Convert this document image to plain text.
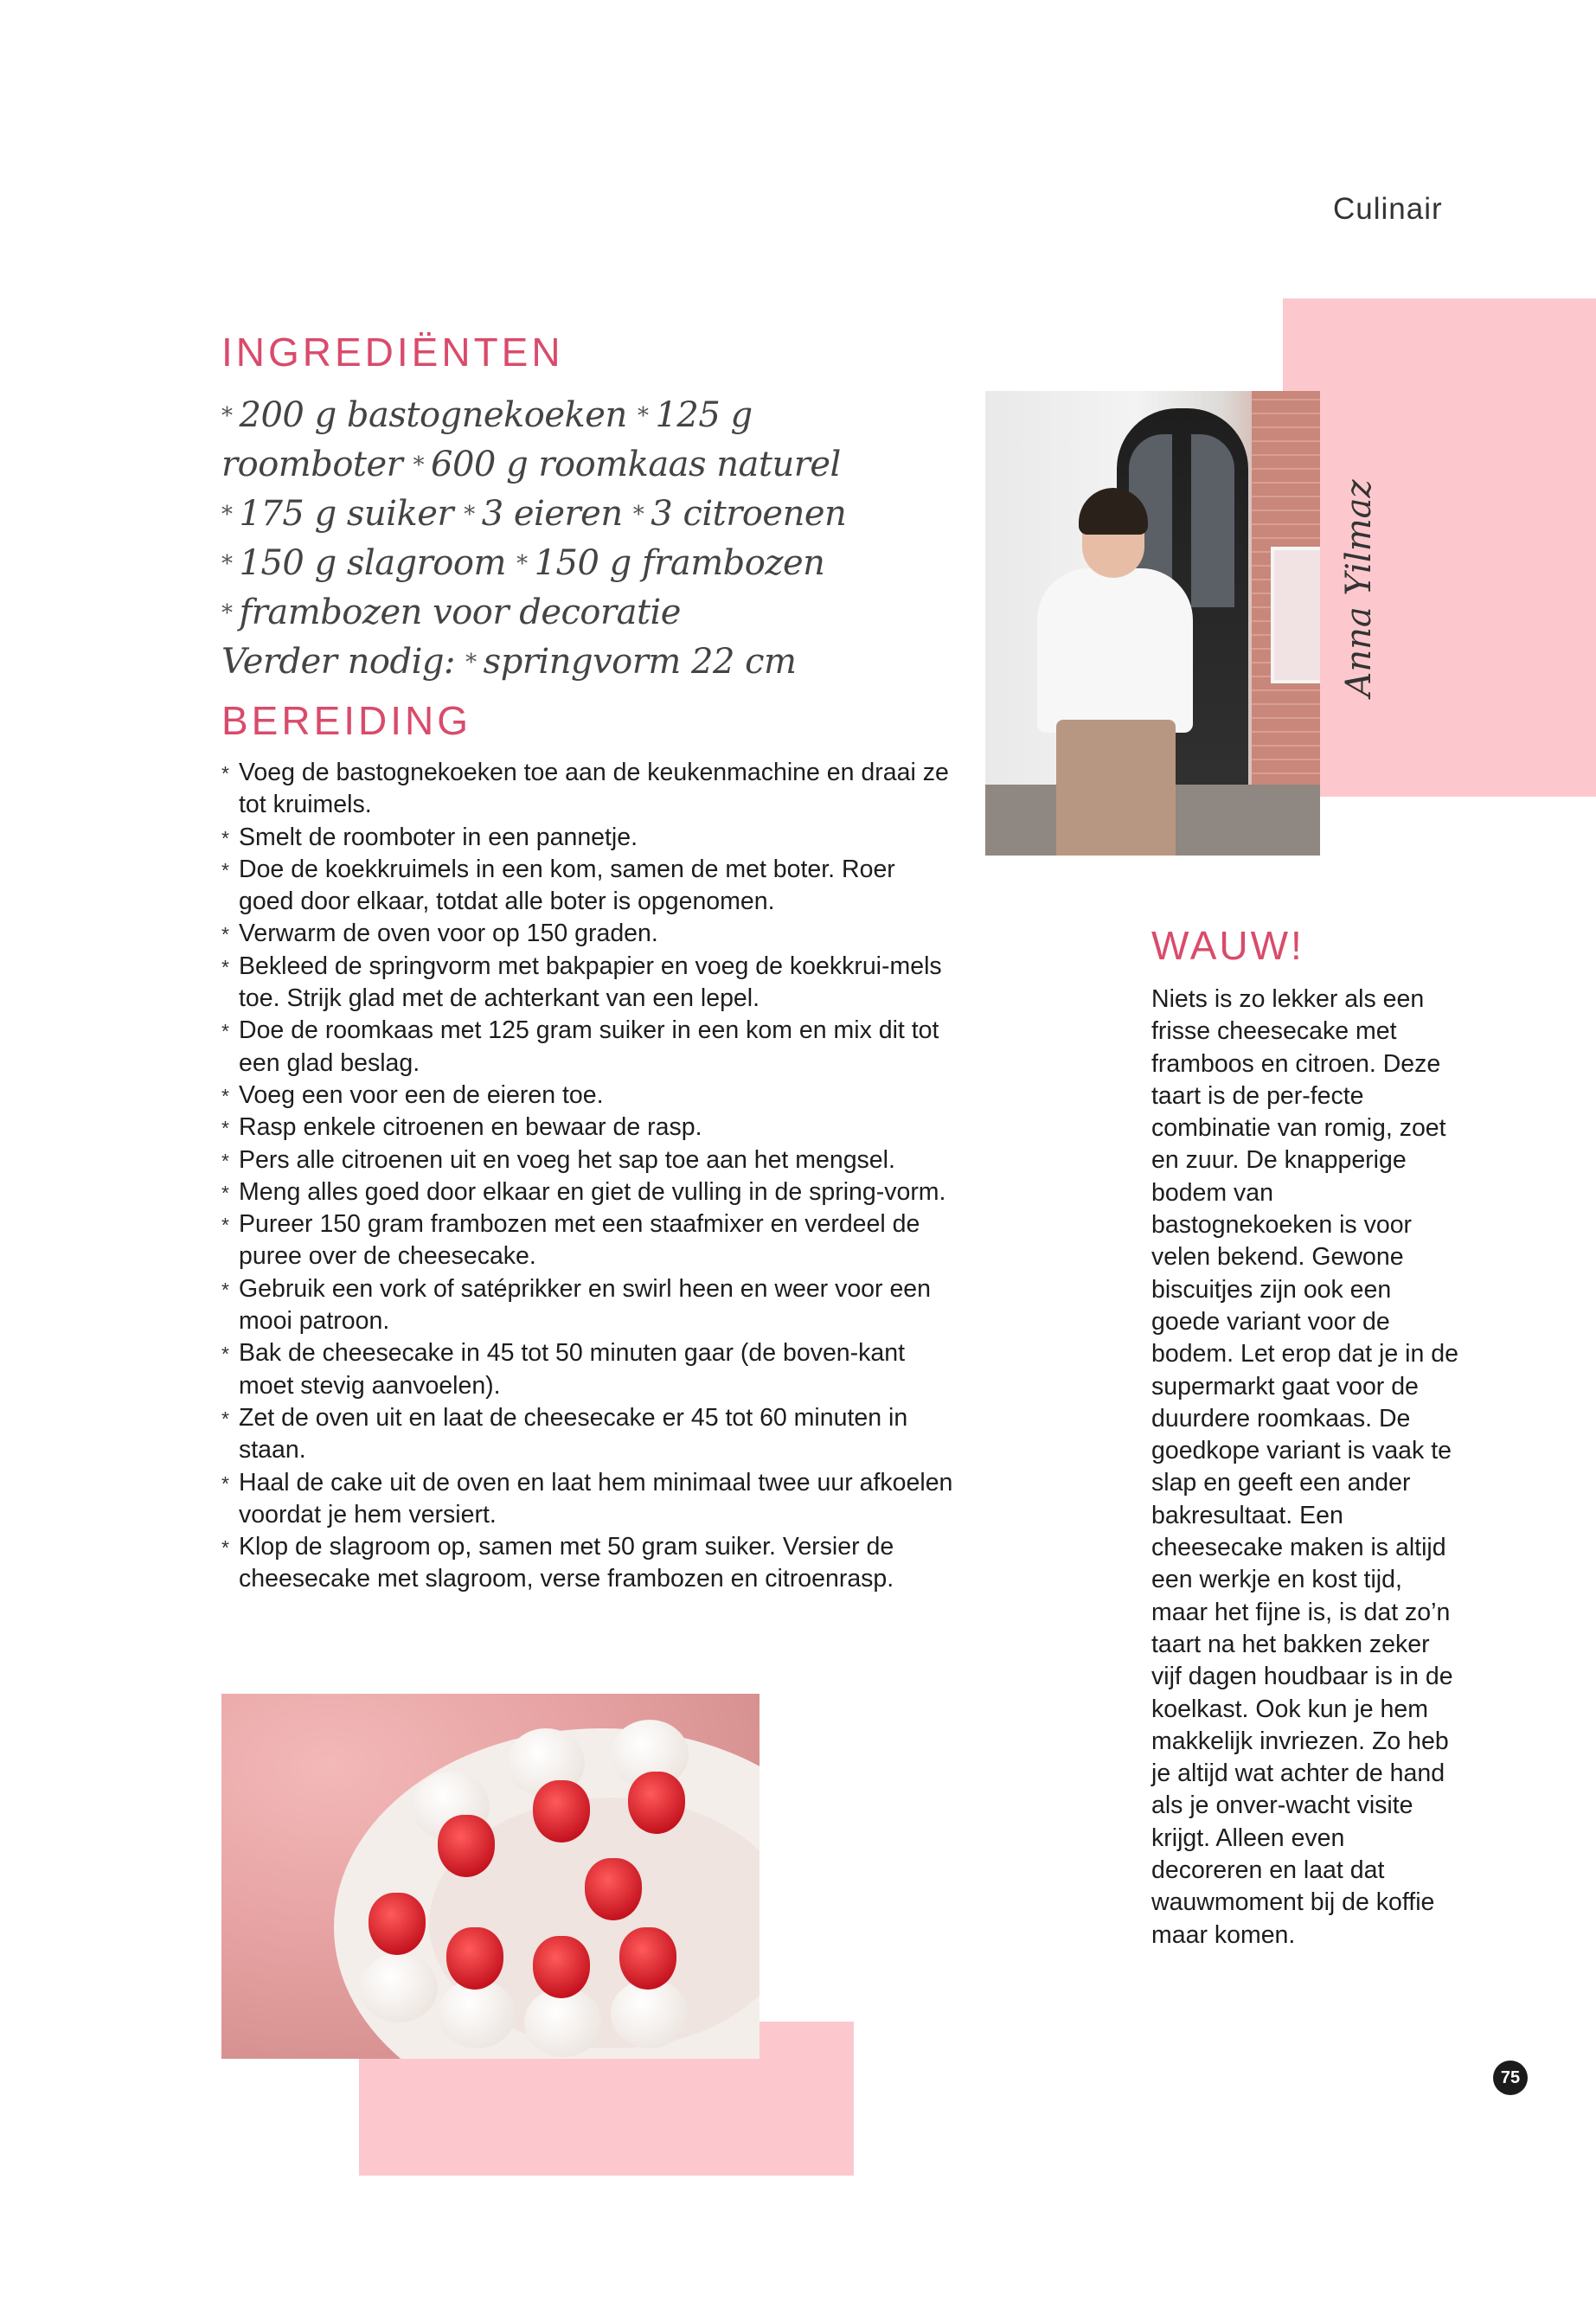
Culinair
INGREDIËNTEN
* 200 g bastognekoeken * 125 g roomboter * 600 g roomkaas naturel * 175 g suiker * 3 eieren * 3 citroenen * 150 g slagroom * 150 g frambozen * frambozen voor decoratie
Verder nodig: * springvorm 22 cm
BEREIDING
* Voeg de bastognekoeken toe aan de keukenmachine en draai ze tot kruimels.
* Smelt de roomboter in een pannetje.
* Doe de koekkruimels in een kom, samen de met boter. Roer goed door elkaar, totdat alle boter is opgenomen.
* Verwarm de oven voor op 150 graden.
* Bekleed de springvorm met bakpapier en voeg de koekkrui-mels toe. Strijk glad met de achterkant van een lepel.
* Doe de roomkaas met 125 gram suiker in een kom en mix dit tot een glad beslag.
* Voeg een voor een de eieren toe.
* Rasp enkele citroenen en bewaar de rasp.
* Pers alle citroenen uit en voeg het sap toe aan het mengsel.
* Meng alles goed door elkaar en giet de vulling in de spring-vorm.
* Pureer 150 gram frambozen met een staafmixer en verdeel de puree over de cheesecake.
* Gebruik een vork of satéprikker en swirl heen en weer voor een mooi patroon.
* Bak de cheesecake in 45 tot 50 minuten gaar (de boven-kant moet stevig aanvoelen).
* Zet de oven uit en laat de cheesecake er 45 tot 60 minuten in staan.
* Haal de cake uit de oven en laat hem minimaal twee uur afkoelen voordat je hem versiert.
* Klop de slagroom op, samen met 50 gram suiker. Versier de cheesecake met slagroom, verse frambozen en citroenrasp.
Anna Yilmaz
WAUW!
Niets is zo lekker als een frisse cheesecake met framboos en citroen. Deze taart is de per-fecte combinatie van romig, zoet en zuur. De knapperige bodem van bastognekoeken is voor velen bekend. Gewone biscuitjes zijn ook een goede variant voor de bodem. Let erop dat je in de supermarkt gaat voor de duurdere roomkaas. De goedkope variant is vaak te slap en geeft een ander bakresultaat. Een cheesecake maken is altijd een werkje en kost tijd, maar het fijne is, is dat zo’n taart na het bakken zeker vijf dagen houdbaar is in de koelkast. Ook kun je hem makkelijk invriezen. Zo heb je altijd wat achter de hand als je onver-wacht visite krijgt. Alleen even decoreren en laat dat wauwmoment bij de koffie maar komen.
75
